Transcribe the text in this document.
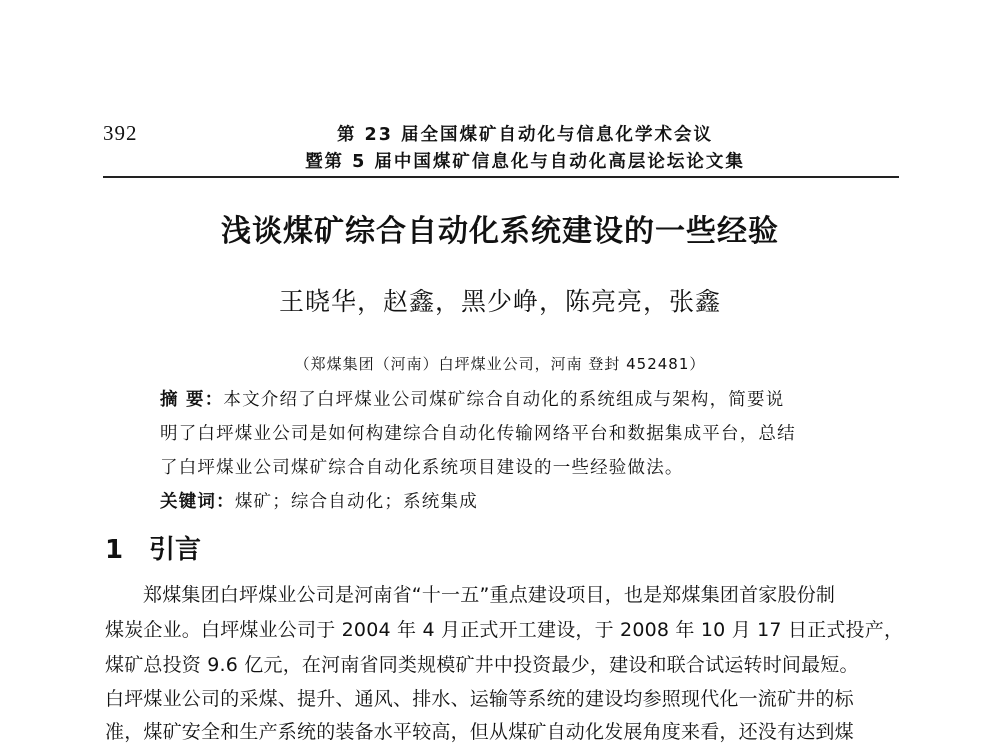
392	第 23 届全国煤矿自动化与信息化学术会议
暨第 5 届中国煤矿信息化与自动化高层论坛论文集
浅谈煤矿综合自动化系统建设的一些经验
王晓华，赵鑫，黑少峥，陈亮亮，张鑫
（郑煤集团（河南）白坪煤业公司，河南 登封 452481）
摘 要：本文介绍了白坪煤业公司煤矿综合自动化的系统组成与架构，简要说
明了白坪煤业公司是如何构建综合自动化传输网络平台和数据集成平台，总结
了白坪煤业公司煤矿综合自动化系统项目建设的一些经验做法。
关键词：煤矿；综合自动化；系统集成
1 引言
郑煤集团白坪煤业公司是河南省“十一五”重点建设项目，也是郑煤集团首家股份制
煤炭企业。白坪煤业公司于 2004 年 4 月正式开工建设，于 2008 年 10 月 17 日正式投产，
煤矿总投资 9.6 亿元，在河南省同类规模矿井中投资最少，建设和联合试运转时间最短。
白坪煤业公司的采煤、提升、通风、排水、运输等系统的建设均参照现代化一流矿井的标
准，煤矿安全和生产系统的装备水平较高，但从煤矿自动化发展角度来看，还没有达到煤
